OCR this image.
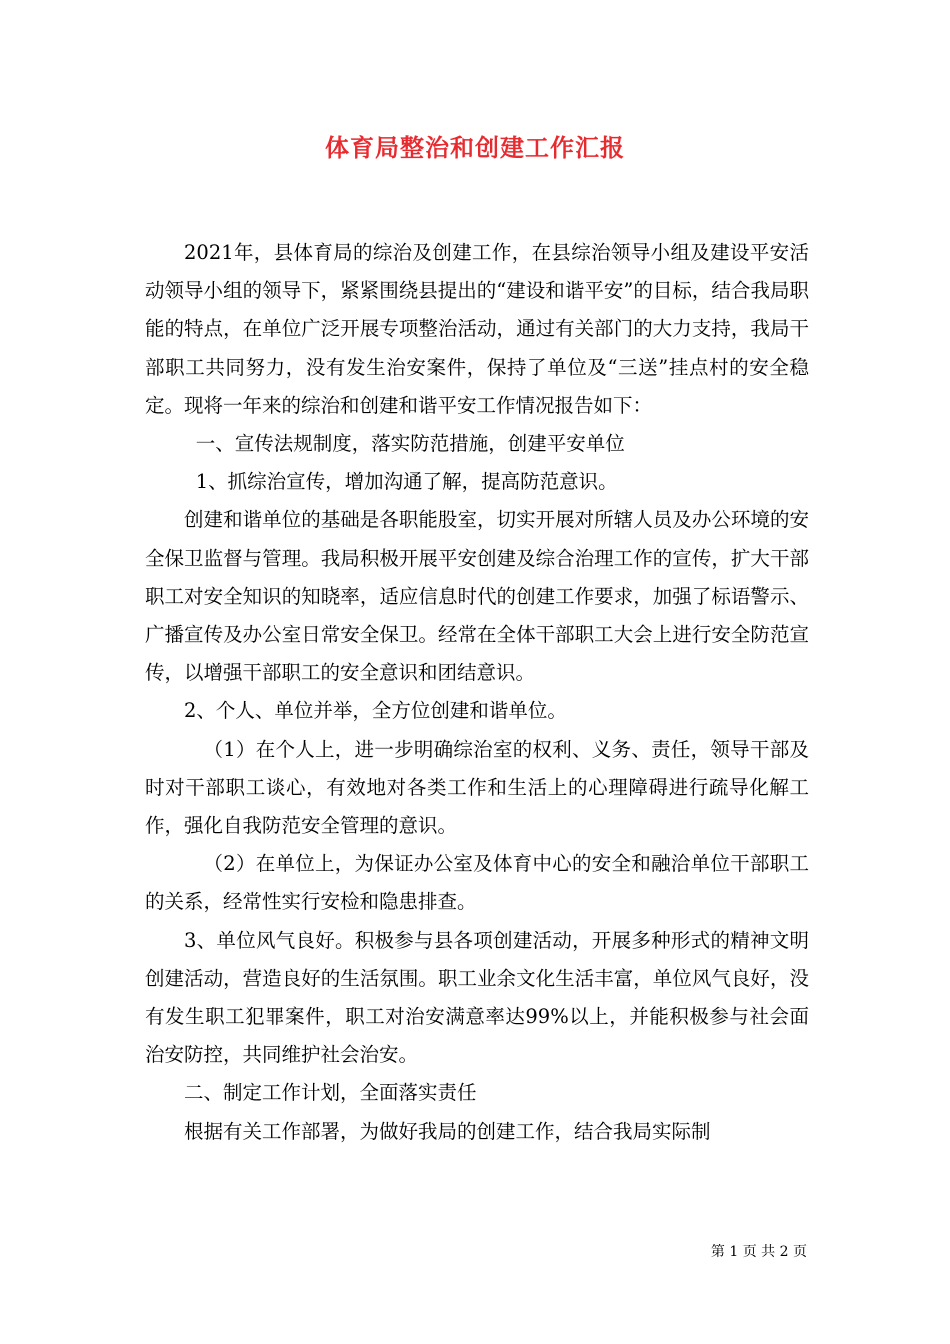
体育局整治和创建工作汇报

2021年，县体育局的综治及创建工作，在县综治领导小组及建设平安活动领导小组的领导下，紧紧围绕县提出的“建设和谐平安”的目标，结合我局职能的特点，在单位广泛开展专项整治活动，通过有关部门的大力支持，我局干部职工共同努力，没有发生治安案件，保持了单位及“三送”挂点村的安全稳定。现将一年来的综治和创建和谐平安工作情况报告如下：

一、宣传法规制度，落实防范措施，创建平安单位

1、抓综治宣传，增加沟通了解，提高防范意识。

创建和谐单位的基础是各职能股室，切实开展对所辖人员及办公环境的安全保卫监督与管理。我局积极开展平安创建及综合治理工作的宣传，扩大干部职工对安全知识的知晓率，适应信息时代的创建工作要求，加强了标语警示、广播宣传及办公室日常安全保卫。经常在全体干部职工大会上进行安全防范宣传，以增强干部职工的安全意识和团结意识。

2、个人、单位并举，全方位创建和谐单位。

（1）在个人上，进一步明确综治室的权利、义务、责任，领导干部及时对干部职工谈心，有效地对各类工作和生活上的心理障碍进行疏导化解工作，强化自我防范安全管理的意识。

（2）在单位上，为保证办公室及体育中心的安全和融洽单位干部职工的关系，经常性实行安检和隐患排查。

3、单位风气良好。积极参与县各项创建活动，开展多种形式的精神文明创建活动，营造良好的生活氛围。职工业余文化生活丰富，单位风气良好，没有发生职工犯罪案件，职工对治安满意率达99%以上，并能积极参与社会面治安防控，共同维护社会治安。

二、制定工作计划，全面落实责任

根据有关工作部署，为做好我局的创建工作，结合我局实际制

第 1 页 共 2 页
